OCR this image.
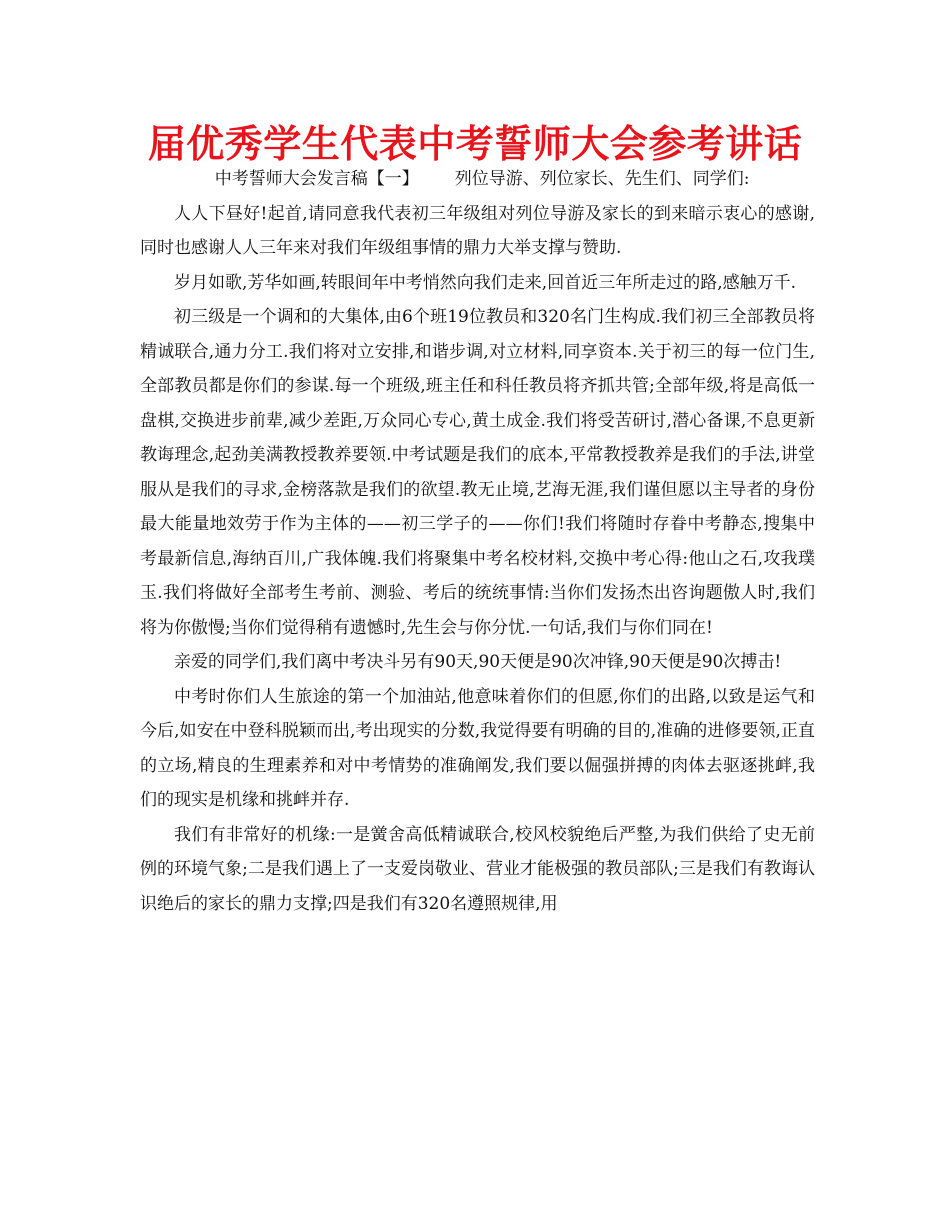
届优秀学生代表中考誓师大会参考讲话

中考誓师大会发言稿【一】 列位导游、列位家长、先生们、同学们:

人人下昼好!起首,请同意我代表初三年级组对列位导游及家长的到来暗示衷心的感谢,同时也感谢人人三年来对我们年级组事情的鼎力大举支撑与赞助.

岁月如歌,芳华如画,转眼间年中考悄然向我们走来,回首近三年所走过的路,感触万千.

初三级是一个调和的大集体,由6个班19位教员和320名门生构成.我们初三全部教员将精诚联合,通力分工.我们将对立安排,和谐步调,对立材料,同享资本.关于初三的每一位门生,全部教员都是你们的参谋.每一个班级,班主任和科任教员将齐抓共管;全部年级,将是高低一盘棋,交换进步前辈,减少差距,万众同心专心,黄土成金.我们将受苦研讨,潜心备课,不息更新教诲理念,起劲美满教授教养要领.中考试题是我们的底本,平常教授教养是我们的手法,讲堂服从是我们的寻求,金榜落款是我们的欲望.教无止境,艺海无涯,我们谨但愿以主导者的身份最大能量地效劳于作为主体的——初三学子的——你们!我们将随时存眷中考静态,搜集中考最新信息,海纳百川,广我体魄.我们将聚集中考名校材料,交换中考心得:他山之石,攻我璞玉.我们将做好全部考生考前、测验、考后的统统事情:当你们发扬杰出咨询题傲人时,我们将为你傲慢;当你们觉得稍有遗憾时,先生会与你分忧.一句话,我们与你们同在!

亲爱的同学们,我们离中考决斗另有90天,90天便是90次冲锋,90天便是90次搏击!

中考时你们人生旅途的第一个加油站,他意味着你们的但愿,你们的出路,以致是运气和今后,如安在中登科脱颖而出,考出现实的分数,我觉得要有明确的目的,准确的进修要领,正直的立场,精良的生理素养和对中考情势的准确阐发,我们要以倔强拼搏的肉体去驱逐挑衅,我们的现实是机缘和挑衅并存.

我们有非常好的机缘:一是黉舍高低精诚联合,校风校貌绝后严整,为我们供给了史无前例的环境气象;二是我们遇上了一支爱岗敬业、营业才能极强的教员部队;三是我们有教诲认识绝后的家长的鼎力支撑;四是我们有320名遵照规律,用
